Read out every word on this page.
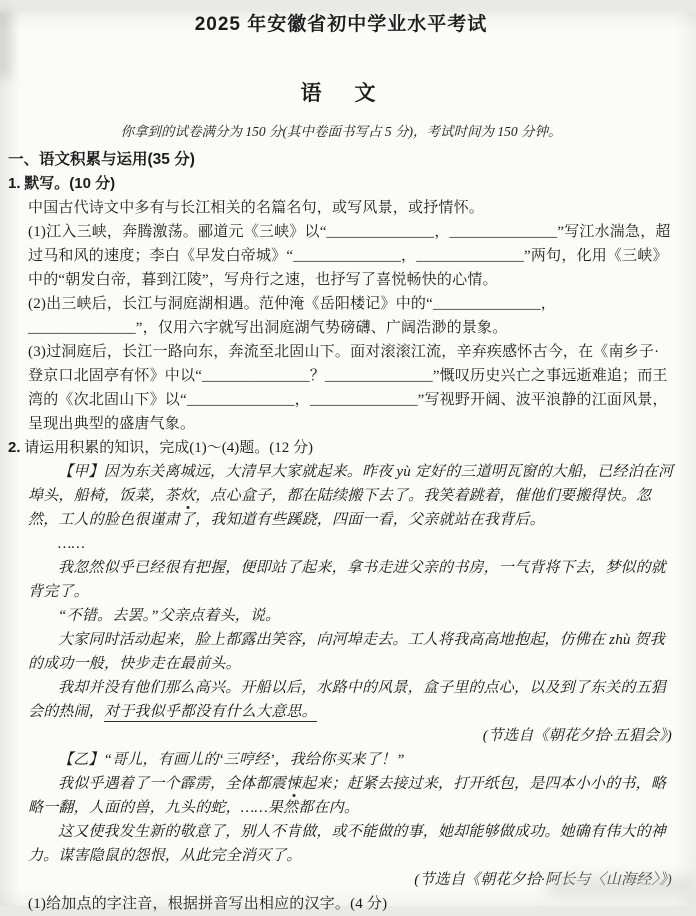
2025 年安徽省初中学业水平考试

语　文

你拿到的试卷满分为 150 分(其中卷面书写占 5 分)，考试时间为 150 分钟。

一、语文积累与运用(35 分)

1. 默写。(10 分)

中国古代诗文中多有与长江相关的名篇名句，或写风景，或抒情怀。

(1)江入三峡，奔腾激荡。郦道元《三峡》以“______________，______________”写江水湍急，超过马和风的速度；李白《早发白帝城》“______________，______________”两句，化用《三峡》中的“朝发白帝，暮到江陵”，写舟行之速，也抒写了喜悦畅快的心情。

(2)出三峡后，长江与洞庭湖相遇。范仲淹《岳阳楼记》中的“______________，______________”，仅用六字就写出洞庭湖气势磅礴、广阔浩渺的景象。

(3)过洞庭后，长江一路向东，奔流至北固山下。面对滚滚江流，辛弃疾感怀古今，在《南乡子·登京口北固亭有怀》中以“______________？______________”慨叹历史兴亡之事远逝难追；而王湾的《次北固山下》以“______________，______________”写视野开阔、波平浪静的江面风景，呈现出典型的盛唐气象。

2. 请运用积累的知识，完成(1)～(4)题。(12 分)

【甲】因为东关离城远，大清早大家就起来。昨夜 yù 定好的三道明瓦窗的大船，已经泊在河埠头，船椅，饭菜，茶炊，点心盒子，都在陆续搬下去了。我笑着跳着，催他们要搬得快。忽然，工人的脸色很谨肃了，我知道有些蹊跷，四面一看，父亲就站在我背后。

……

我忽然似乎已经很有把握，便即站了起来，拿书走进父亲的书房，一气背将下去，梦似的就背完了。

“不错。去罢。”父亲点着头，说。

大家同时活动起来，脸上都露出笑容，向河埠走去。工人将我高高地抱起，仿佛在 zhù 贺我的成功一般，快步走在最前头。

我却并没有他们那么高兴。开船以后，水路中的风景，盒子里的点心，以及到了东关的五猖会的热闹，对于我似乎都没有什么大意思。

(节选自《朝花夕拾·五猖会》)

【乙】“哥儿，有画儿的‘三哼经’，我给你买来了！”

我似乎遇着了一个霹雳，全体都震悚起来；赶紧去接过来，打开纸包，是四本小小的书，略略一翻，人面的兽，九头的蛇，……果然都在内。

这又使我发生新的敬意了，别人不肯做，或不能做的事，她却能够做成功。她确有伟大的神力。谋害隐鼠的怨恨，从此完全消灭了。

(节选自《朝花夕拾·阿长与〈山海经〉》)

(1)给加点的字注音，根据拼音写出相应的汉字。(4 分)
